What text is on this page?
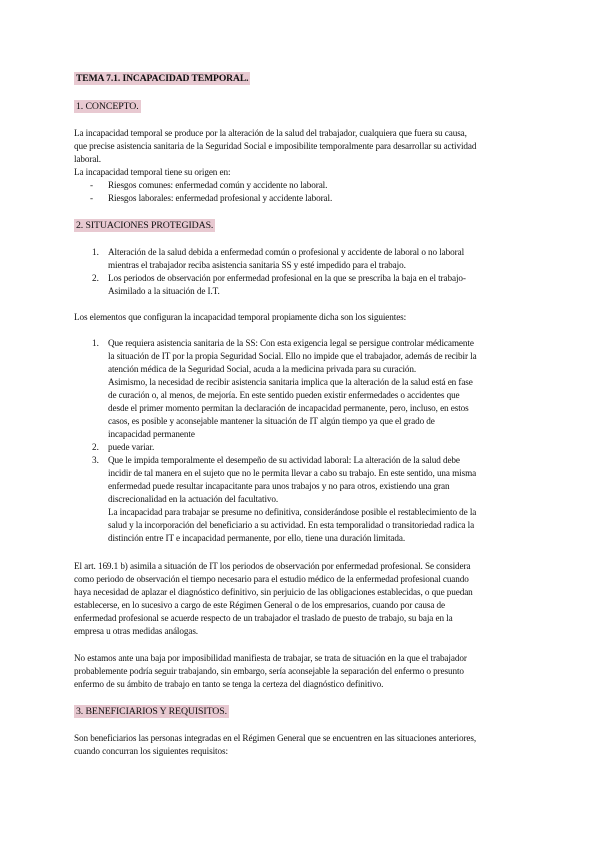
TEMA 7.1. INCAPACIDAD TEMPORAL.
1. CONCEPTO.
La incapacidad temporal se produce por la alteración de la salud del trabajador, cualquiera que fuera su causa,
que precise asistencia sanitaria de la Seguridad Social e imposibilite temporalmente para desarrollar su actividad
laboral.
La incapacidad temporal tiene su origen en:
- Riesgos comunes: enfermedad común y accidente no laboral.
- Riesgos laborales: enfermedad profesional y accidente laboral.
2. SITUACIONES PROTEGIDAS.
1. Alteración de la salud debida a enfermedad común o profesional y accidente de laboral o no laboral
mientras el trabajador reciba asistencia sanitaria SS y esté impedido para el trabajo.
2. Los periodos de observación por enfermedad profesional en la que se prescriba la baja en el trabajo-
Asimilado a la situación de I.T.
Los elementos que configuran la incapacidad temporal propiamente dicha son los siguientes:
1. Que requiera asistencia sanitaria de la SS: Con esta exigencia legal se persigue controlar médicamente
la situación de IT por la propia Seguridad Social. Ello no impide que el trabajador, además de recibir la
atención médica de la Seguridad Social, acuda a la medicina privada para su curación.
Asimismo, la necesidad de recibir asistencia sanitaria implica que la alteración de la salud está en fase
de curación o, al menos, de mejoría. En este sentido pueden existir enfermedades o accidentes que
desde el primer momento permitan la declaración de incapacidad permanente, pero, incluso, en estos
casos, es posible y aconsejable mantener la situación de IT algún tiempo ya que el grado de
incapacidad permanente
2. puede variar.
3. Que le impida temporalmente el desempeño de su actividad laboral: La alteración de la salud debe
incidir de tal manera en el sujeto que no le permita llevar a cabo su trabajo. En este sentido, una misma
enfermedad puede resultar incapacitante para unos trabajos y no para otros, existiendo una gran
discrecionalidad en la actuación del facultativo.
La incapacidad para trabajar se presume no definitiva, considerándose posible el restablecimiento de la
salud y la incorporación del beneficiario a su actividad. En esta temporalidad o transitoriedad radica la
distinción entre IT e incapacidad permanente, por ello, tiene una duración limitada.
El art. 169.1 b) asimila a situación de IT los periodos de observación por enfermedad profesional. Se considera
como periodo de observación el tiempo necesario para el estudio médico de la enfermedad profesional cuando
haya necesidad de aplazar el diagnóstico definitivo, sin perjuicio de las obligaciones establecidas, o que puedan
establecerse, en lo sucesivo a cargo de este Régimen General o de los empresarios, cuando por causa de
enfermedad profesional se acuerde respecto de un trabajador el traslado de puesto de trabajo, su baja en la
empresa u otras medidas análogas.
No estamos ante una baja por imposibilidad manifiesta de trabajar, se trata de situación en la que el trabajador
probablemente podría seguir trabajando, sin embargo, sería aconsejable la separación del enfermo o presunto
enfermo de su ámbito de trabajo en tanto se tenga la certeza del diagnóstico definitivo.
3. BENEFICIARIOS Y REQUISITOS.
Son beneficiarios las personas integradas en el Régimen General que se encuentren en las situaciones anteriores,
cuando concurran los siguientes requisitos:
